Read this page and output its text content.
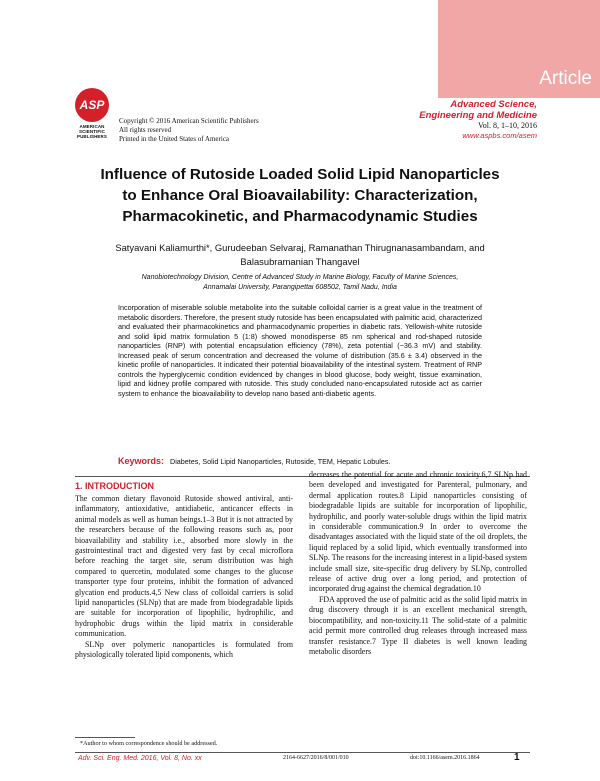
Article
ASP
AMERICAN SCIENTIFIC PUBLISHERS
Copyright © 2016 American Scientific Publishers
All rights reserved
Printed in the United States of America
Advanced Science,
Engineering and Medicine
Vol. 8, 1–10, 2016
www.aspbs.com/asem
Influence of Rutoside Loaded Solid Lipid Nanoparticles
to Enhance Oral Bioavailability: Characterization,
Pharmacokinetic, and Pharmacodynamic Studies
Satyavani Kaliamurthi*, Gurudeeban Selvaraj, Ramanathan Thirugnanasambandam, and
Balasubramanian Thangavel
Nanobiotechnology Division, Centre of Advanced Study in Marine Biology, Faculty of Marine Sciences,
Annamalai University, Parangipettai 608502, Tamil Nadu, India
Incorporation of miserable soluble metabolite into the suitable colloidal carrier is a great value in the treatment of metabolic disorders. Therefore, the present study rutoside has been encapsulated with palmitic acid, characterized and evaluated their pharmacokinetics and pharmacodynamic properties in diabetic rats. Yellowish-white rutoside and solid lipid matrix formulation 5 (1:8) showed monodisperse 85 nm spherical and rod-shaped rutoside nanoparticles (RNP) with potential encapsulation efficiency (78%), zeta potential (−36.3 mV) and stability. Increased peak of serum concentration and decreased the volume of distribution (35.6 ± 3.4) observed in the kinetic profile of nanoparticles. It indicated their potential bioavailability of the intestinal system. Treatment of RNP controls the hyperglycemic condition evidenced by changes in blood glucose, body weight, tissue examination, lipid and kidney profile compared with rutoside. This study concluded nano-encapsulated rutoside act as carrier system to enhance the bioavailability to develop nano based anti-diabetic agents.
Keywords: Diabetes, Solid Lipid Nanoparticles, Rutoside, TEM, Hepatic Lobules.
1. INTRODUCTION

The common dietary flavonoid Rutoside showed antiviral, anti-inflammatory, antioxidative, antidiabetic, anticancer effects in animal models as well as human beings.1–3 But it is not attracted by the researchers because of the following reasons such as, poor bioavailability and stability i.e., absorbed more slowly in the gastrointestinal tract and digested very fast by cecal microflora before reaching the target site, serum distribution was high compared to quercetin, modulated some changes to the glucose transporter type four proteins, inhibit the formation of advanced glycation end products.4,5 New class of colloidal carriers is solid lipid nanoparticles (SLNp) that are made from biodegradable lipids are suitable for incorporation of lipophilic, hydrophilic, and hydrophobic drugs within the lipid matrix in considerable communication.

SLNp over polymeric nanoparticles is formulated from physiologically tolerated lipid components, which

decreases the potential for acute and chronic toxicity.6,7 SLNp had been developed and investigated for Parenteral, pulmonary, and dermal application routes.8 Lipid nanoparticles consisting of biodegradable lipids are suitable for incorporation of lipophilic, hydrophilic, and poorly water-soluble drugs within the lipid matrix in considerable communication.9 In order to overcome the disadvantages associated with the liquid state of the oil droplets, the liquid replaced by a solid lipid, which eventually transformed into SLNp. The reasons for the increasing interest in a lipid-based system include small size, site-specific drug delivery by SLNp, controlled release of active drug over a long period, and protection of incorporated drug against the chemical degradation.10

FDA approved the use of palmitic acid as the solid lipid matrix in drug discovery through it is an excellent mechanical strength, biocompatibility, and non-toxicity.11 The solid-state of a palmitic acid permit more controlled drug releases through increased mass transfer resistance.7 Type II diabetes is well known leading metabolic disorders

*Author to whom correspondence should be addressed.
Adv. Sci. Eng. Med. 2016, Vol. 8, No. xx	2164-6627/2016/8/001/010	doi:10.1166/asem.2016.1864	1
